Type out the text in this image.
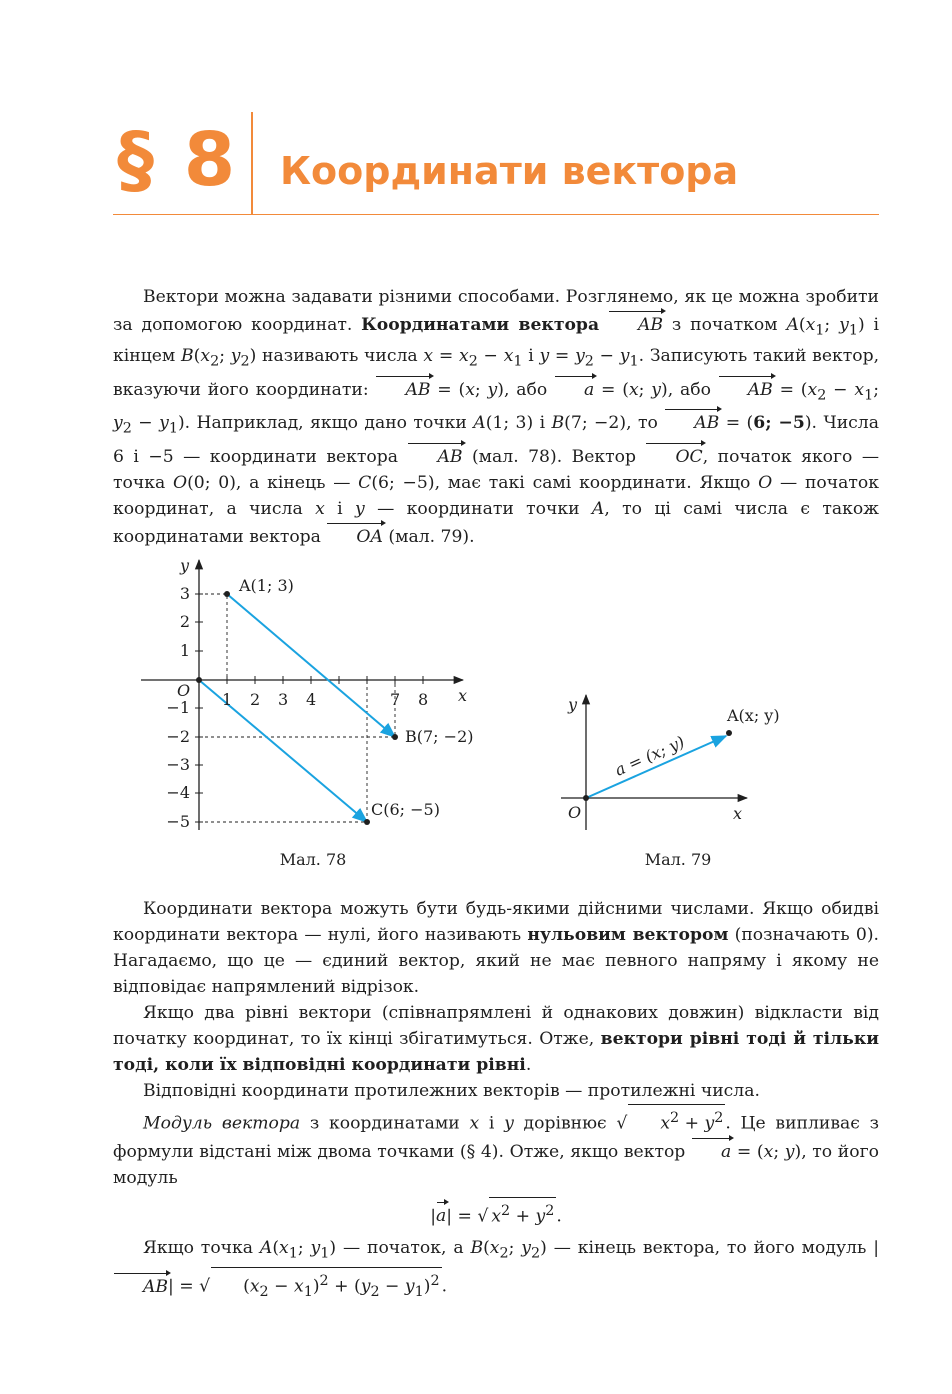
§ 8 Координати вектора

Вектори можна задавати різними способами. Розглянемо, як це можна зробити за допомогою координат. Координатами вектора AB з початком $A(x_1$; $y_1$) і кінцем $B(x_2$; $y_2$) називають числа $x = x_2 - x_1$ і $y = y_2 - y_1$. Записують такий вектор, вказуючи його координати: AB = (x; y), або a = (x; y), або AB = ($x_2 - x_1$; $y_2 - y_1$). Наприклад, якщо дано точки A(1; 3) і B(7; −2), то AB = (6; −5). Числа 6 і −5 — координати вектора AB (мал. 78). Вектор OC, початок якого — точка O(0; 0), а кінець — C(6; −5), має такі самі координати. Якщо O — початок координат, а числа x і y — координати точки A, то ці самі числа є також координатами вектора OA (мал. 79).

y
x
O 1 2 3 4	7 8
3
2
1
−1
−2
−3
−4
−5
A(1; 3)
B(7; −2)
C(6; −5)
Мал. 78
y
x
O
A(x; y)
a = (x; y)
Мал. 79

Координати вектора можуть бути будь-якими дійсними числами. Якщо обидві координати вектора — нулі, його називають нульовим вектором (позначають 0). Нагадаємо, що це — єдиний вектор, який не має певного напряму і якому не відповідає напрямлений відрізок.

Якщо два рівні вектори (співнапрямлені й однакових довжин) відкласти від початку координат, то їх кінці збігатимуться. Отже, вектори рівні тоді й тільки тоді, коли їх відповідні координати рівні.

Відповідні координати протилежних векторів — протилежні числа.

Модуль вектора з координатами x і y дорівнює √ $x^2 + y^2$ . Це випливає з формули відстані між двома точками (§ 4). Отже, якщо вектор a = (x; y), то його модуль

|a| = √ $x^2 + y^2$ .

Якщо точка $A(x_1$; $y_1$) — початок, а $B(x_2$; $y_2$) — кінець вектора, то його модуль |AB| = √ $(x_2 - x_1)^2 + (y_2 - y_1)^2$ .
